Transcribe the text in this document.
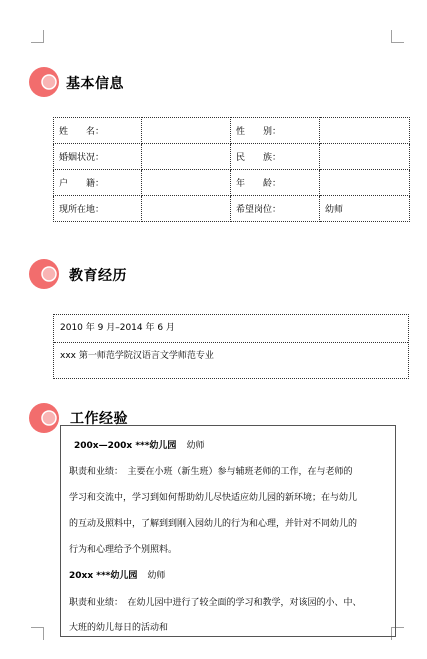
基本信息
姓　　名：		性　　别：	
婚姻状况：		民　　族：	
户　　籍：		年　　龄：	
现所在地：		希望岗位：	幼师
教育经历
2010 年 9 月–2014 年 6 月
xxx 第一师范学院汉语言文学师范专业
工作经验
200x—200x ***幼儿园 幼师
职责和业绩：　主要在小班（新生班）参与辅班老师的工作，在与老师的
学习和交流中，学习到如何帮助幼儿尽快适应幼儿园的新环境；在与幼儿
的互动及照料中，了解到到刚入园幼儿的行为和心理，并针对不同幼儿的
行为和心理给予个别照料。
20xx ***幼儿园 幼师
职责和业绩：　在幼儿园中进行了较全面的学习和教学，对该园的小、中、
大班的幼儿每日的活动和
